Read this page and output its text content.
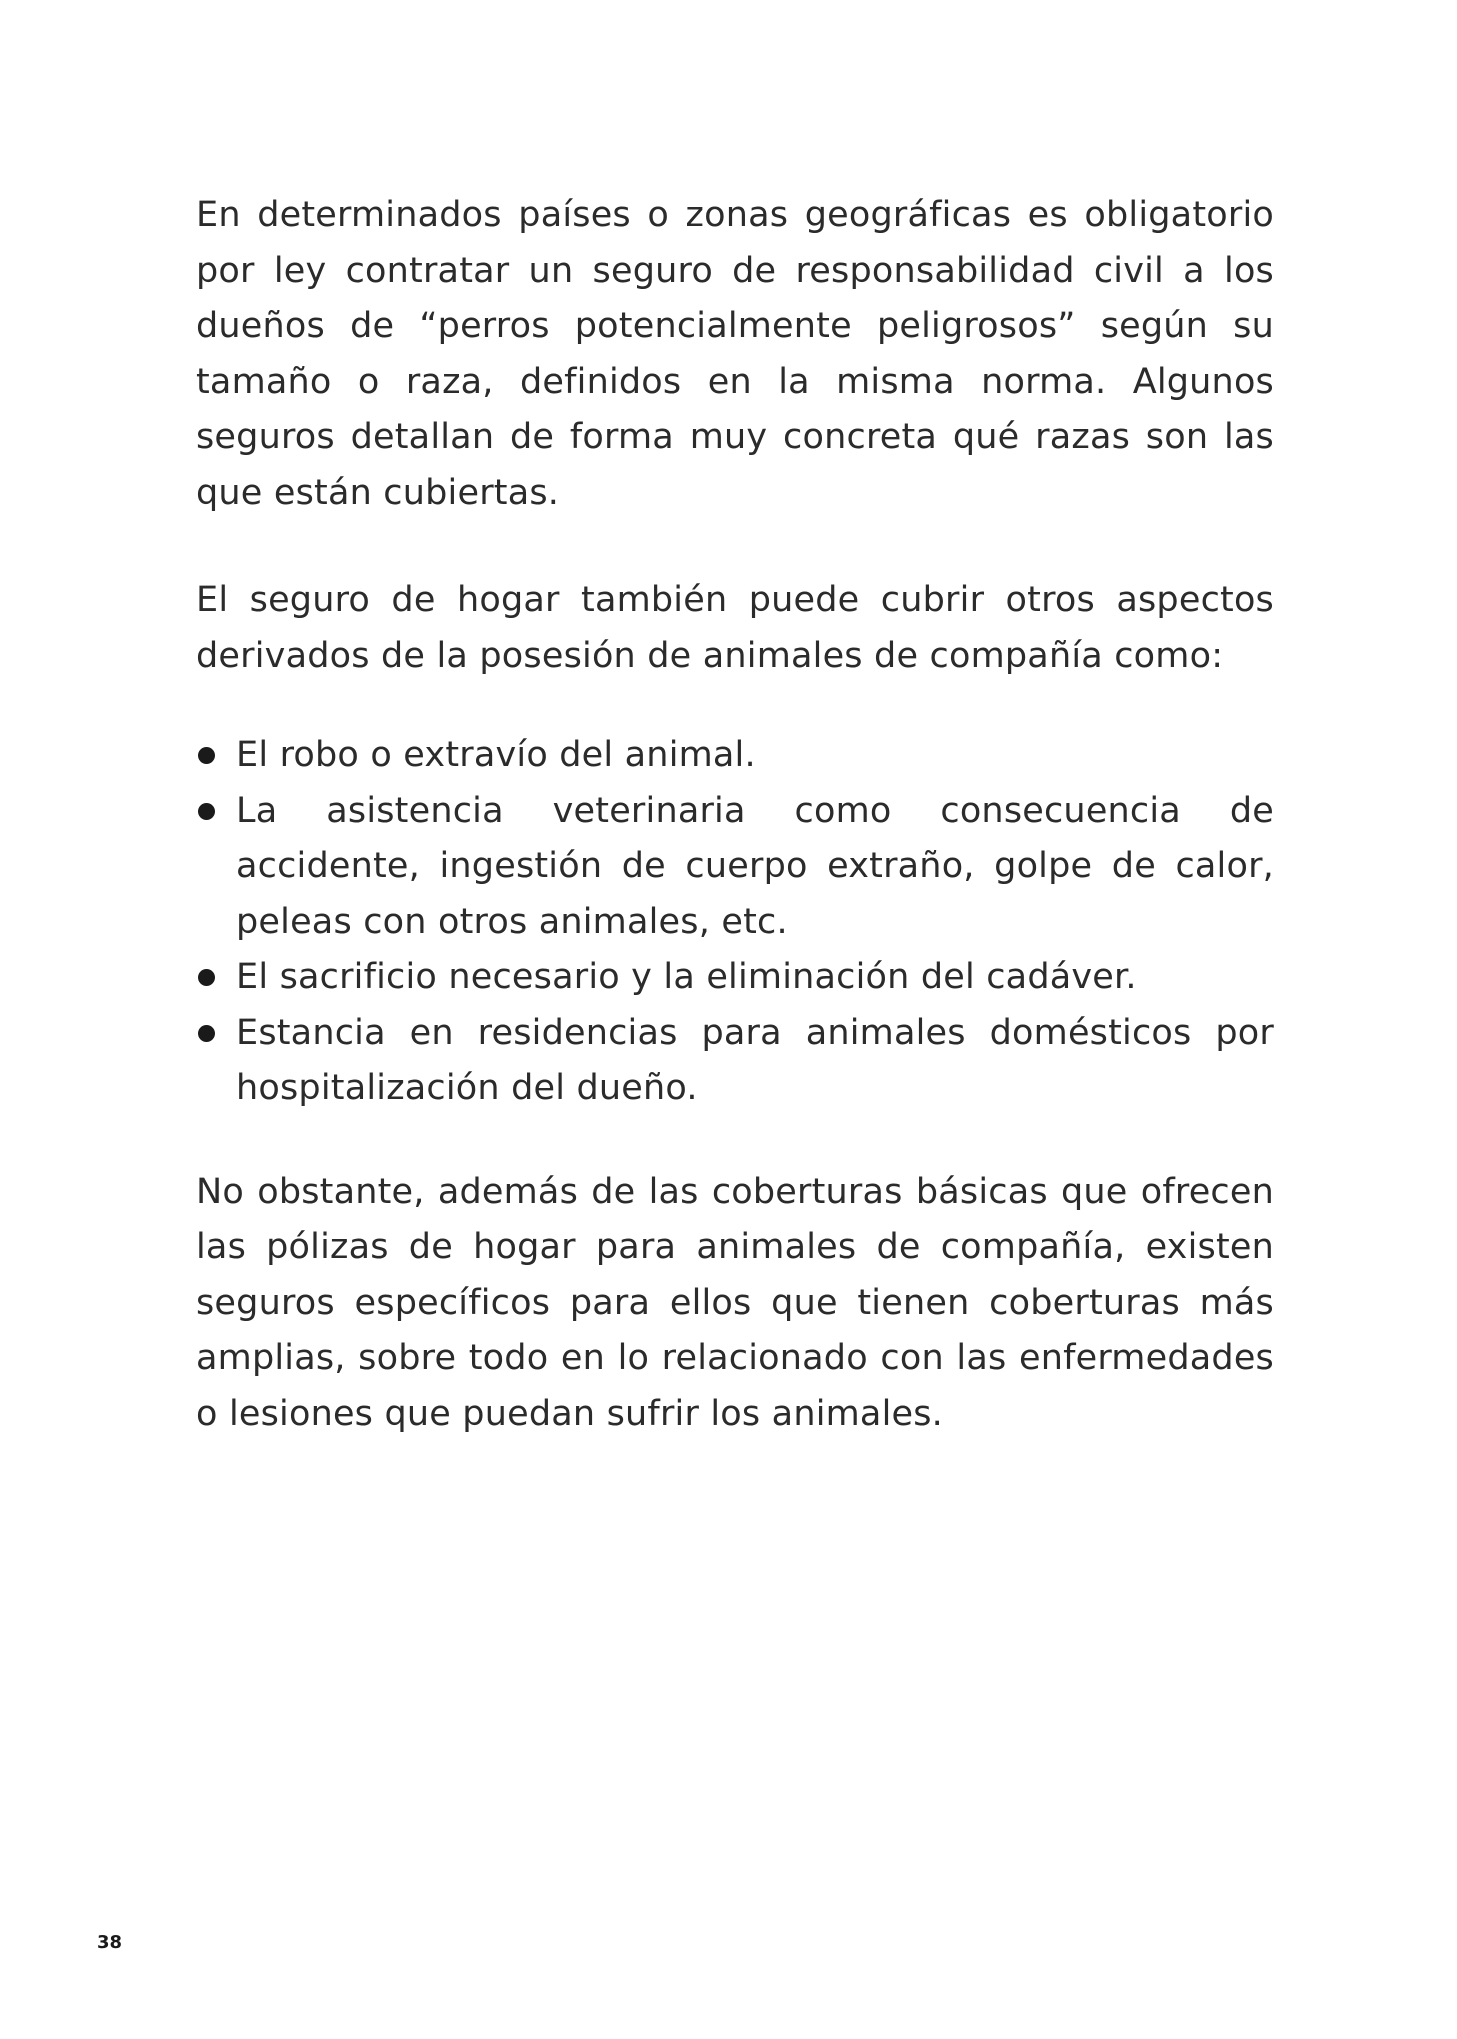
En determinados países o zonas geográficas es obligatorio por ley contratar un seguro de responsabilidad civil a los dueños de “perros potencialmente peligrosos” según su tamaño o raza, definidos en la misma norma. Algunos seguros detallan de forma muy concreta qué razas son las que están cubiertas.

El seguro de hogar también puede cubrir otros aspectos derivados de la posesión de animales de compañía como:

El robo o extravío del animal.
La asistencia veterinaria como consecuencia de accidente, ingestión de cuerpo extraño, golpe de calor, peleas con otros animales, etc.
El sacrificio necesario y la eliminación del cadáver.
Estancia en residencias para animales domésticos por hospitalización del dueño.

No obstante, además de las coberturas básicas que ofrecen las pólizas de hogar para animales de compañía, existen seguros específicos para ellos que tienen coberturas más amplias, sobre todo en lo relacionado con las enfermedades o lesiones que puedan sufrir los animales.

38
